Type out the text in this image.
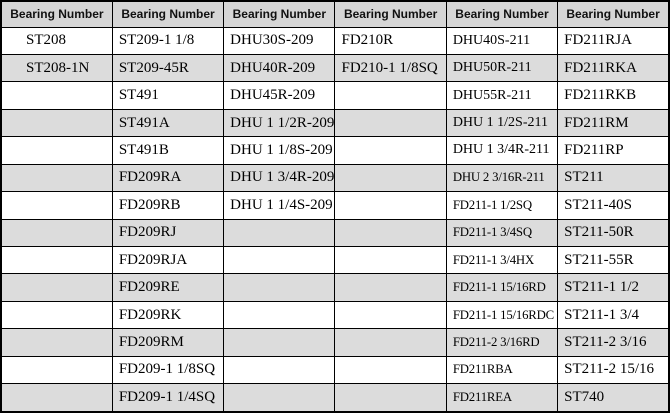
Bearing Number	Bearing Number	Bearing Number	Bearing Number	Bearing Number	Bearing Number
ST208	ST209-1 1/8	DHU30S-209	FD210R	DHU40S-211	FD211RJA
ST208-1N	ST209-45R	DHU40R-209	FD210-1 1/8SQ	DHU50R-211	FD211RKA
	ST491	DHU45R-209		DHU55R-211	FD211RKB
	ST491A	DHU 1 1/2R-209		DHU 1 1/2S-211	FD211RM
	ST491B	DHU 1 1/8S-209		DHU 1 3/4R-211	FD211RP
	FD209RA	DHU 1 3/4R-209		DHU 2 3/16R-211	ST211
	FD209RB	DHU 1 1/4S-209		FD211-1 1/2SQ	ST211-40S
	FD209RJ			FD211-1 3/4SQ	ST211-50R
	FD209RJA			FD211-1 3/4HX	ST211-55R
	FD209RE			FD211-1 15/16RD	ST211-1 1/2
	FD209RK			FD211-1 15/16RDC	ST211-1 3/4
	FD209RM			FD211-2 3/16RD	ST211-2 3/16
	FD209-1 1/8SQ			FD211RBA	ST211-2 15/16
	FD209-1 1/4SQ			FD211REA	ST740
